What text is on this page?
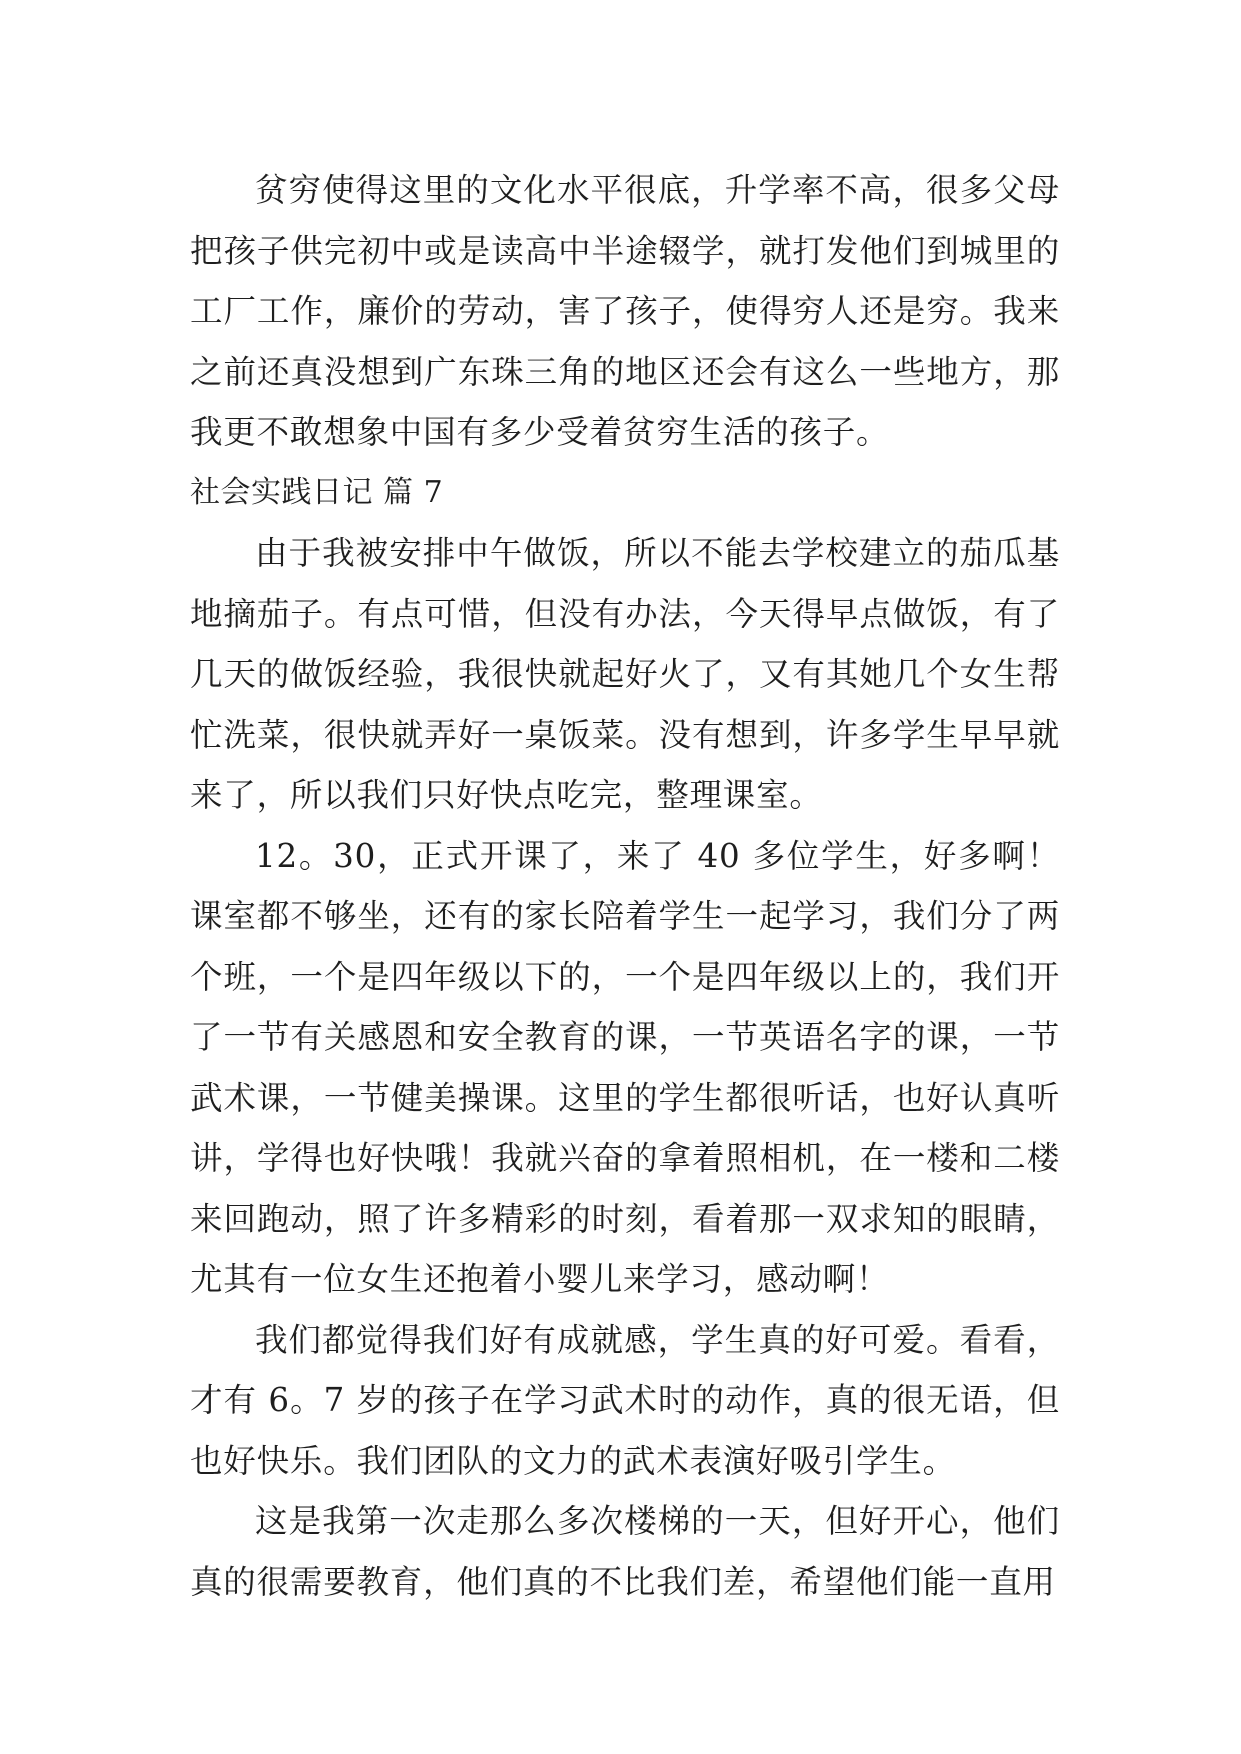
贫穷使得这里的文化水平很底，升学率不高，很多父母把孩子供完初中或是读高中半途辍学，就打发他们到城里的工厂工作，廉价的劳动，害了孩子，使得穷人还是穷。我来之前还真没想到广东珠三角的地区还会有这么一些地方，那我更不敢想象中国有多少受着贫穷生活的孩子。

社会实践日记 篇 7

由于我被安排中午做饭，所以不能去学校建立的茄瓜基地摘茄子。有点可惜，但没有办法，今天得早点做饭，有了几天的做饭经验，我很快就起好火了，又有其她几个女生帮忙洗菜，很快就弄好一桌饭菜。没有想到，许多学生早早就来了，所以我们只好快点吃完，整理课室。

12。30，正式开课了，来了 40 多位学生，好多啊！课室都不够坐，还有的家长陪着学生一起学习，我们分了两个班，一个是四年级以下的，一个是四年级以上的，我们开了一节有关感恩和安全教育的课，一节英语名字的课，一节武术课，一节健美操课。这里的学生都很听话，也好认真听讲，学得也好快哦！我就兴奋的拿着照相机，在一楼和二楼来回跑动，照了许多精彩的时刻，看着那一双求知的眼睛，尤其有一位女生还抱着小婴儿来学习，感动啊！

我们都觉得我们好有成就感，学生真的好可爱。看看，才有 6。7 岁的孩子在学习武术时的动作，真的很无语，但也好快乐。我们团队的文力的武术表演好吸引学生。

这是我第一次走那么多次楼梯的一天，但好开心，他们真的很需要教育，他们真的不比我们差，希望他们能一直用
